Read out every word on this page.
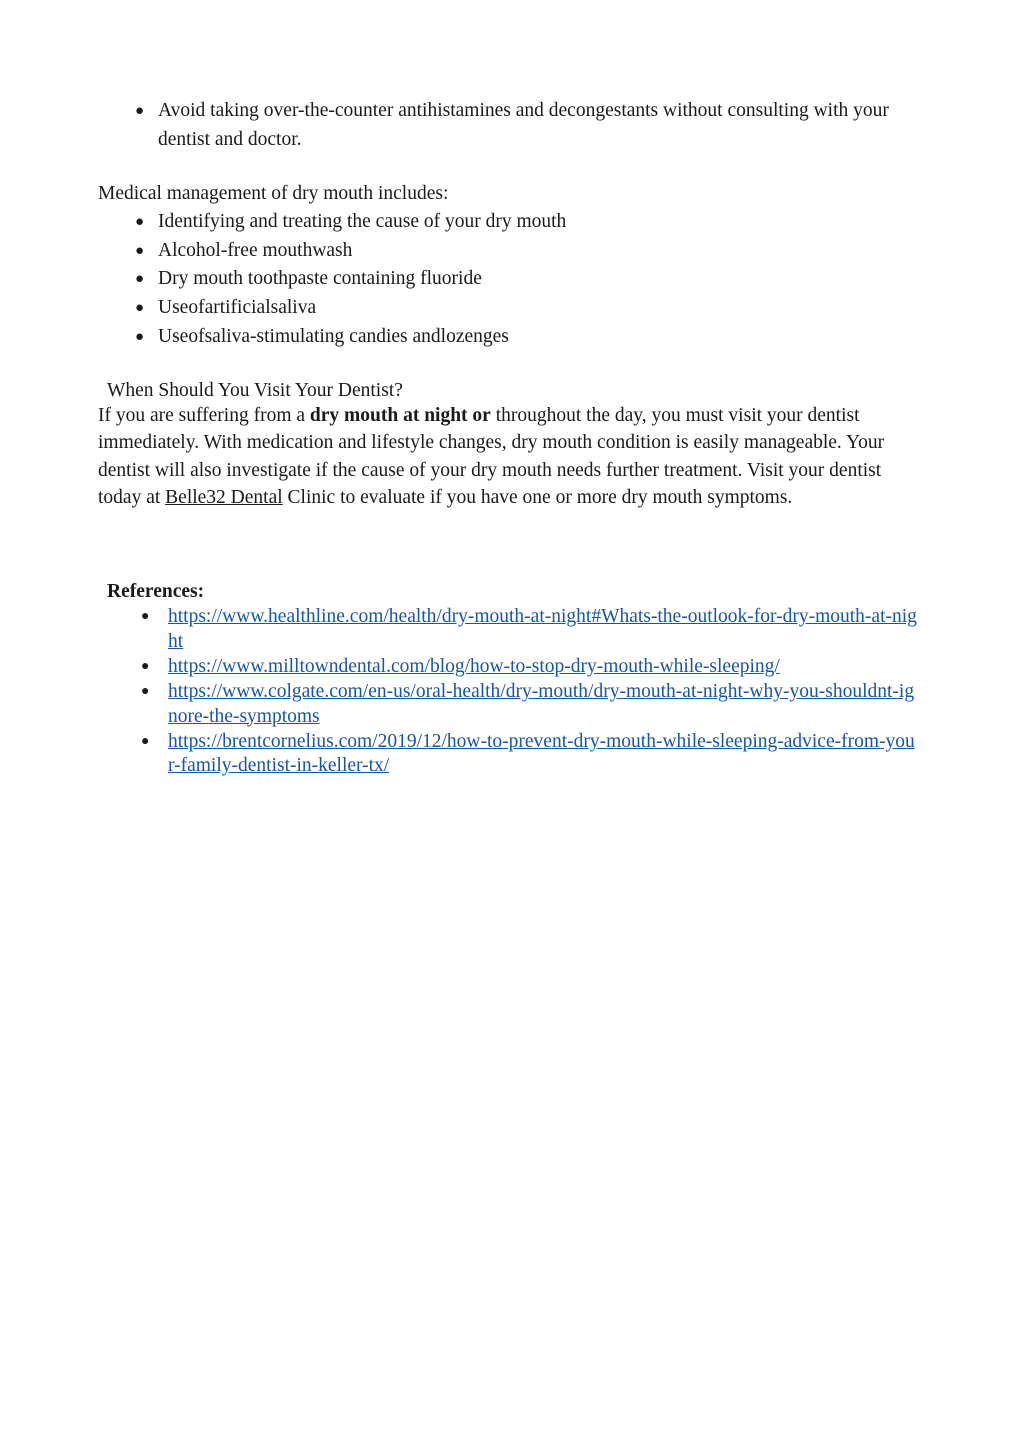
● Avoid taking over-the-counter antihistamines and decongestants without consulting with your dentist and doctor.

Medical management of dry mouth includes:

● Identifying and treating the cause of your dry mouth
● Alcohol-free mouthwash
● Dry mouth toothpaste containing fluoride
● Useofartificialsaliva
● Useofsaliva-stimulating candies andlozenges

When Should You Visit Your Dentist?

If you are suffering from a dry mouth at night or throughout the day, you must visit your dentist immediately. With medication and lifestyle changes, dry mouth condition is easily manageable. Your dentist will also investigate if the cause of your dry mouth needs further treatment. Visit your dentist today at Belle32 Dental Clinic to evaluate if you have one or more dry mouth symptoms.

References:

● https://www.healthline.com/health/dry-mouth-at-night#Whats-the-outlook-for-dry-mouth-at-night
● https://www.milltowndental.com/blog/how-to-stop-dry-mouth-while-sleeping/
● https://www.colgate.com/en-us/oral-health/dry-mouth/dry-mouth-at-night-why-you-shouldnt-ignore-the-symptoms
● https://brentcornelius.com/2019/12/how-to-prevent-dry-mouth-while-sleeping-advice-from-your-family-dentist-in-keller-tx/
